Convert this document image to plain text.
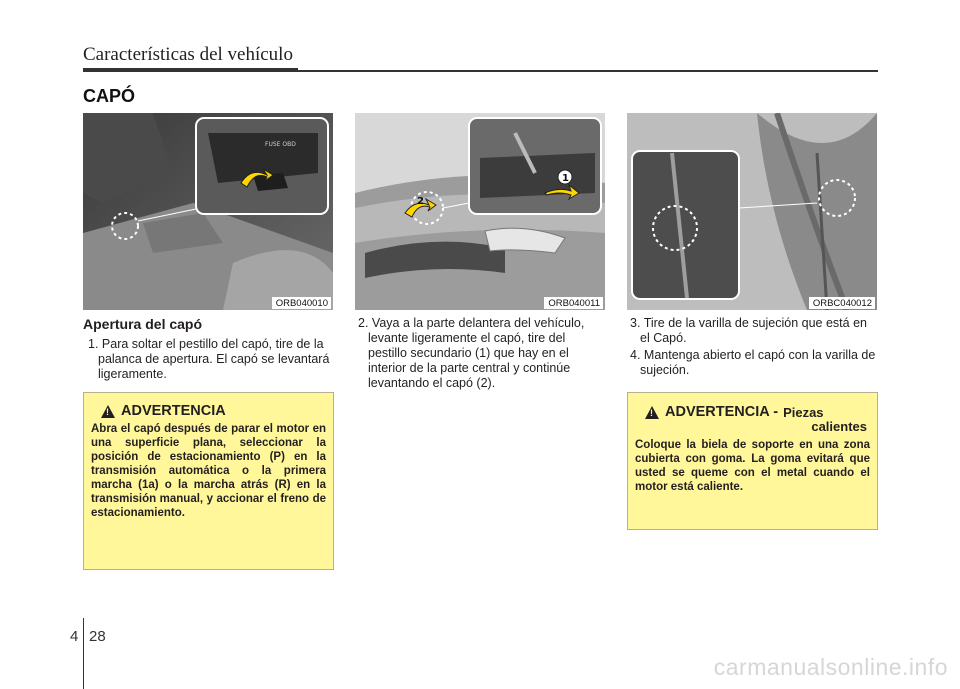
Características del vehículo
CAPÓ
FUSE OBD
ORB040010
2
1
ORB040011	ORBC040012
Apertura del capó
1. Para soltar el pestillo del capó, tire de la palanca de apertura. El capó se levantará ligeramente.
2. Vaya a la parte delantera del vehículo, levante ligeramente el capó, tire del pestillo secundario (1) que hay en el interior de la parte central y continúe levantando el capó (2).
3. Tire de la varilla de sujeción que está en el Capó.
4. Mantenga abierto el capó con la varilla de sujeción.
!
ADVERTENCIA
Abra el capó después de parar el motor en una superficie plana, seleccionar la posición de estacionamiento (P) en la transmisión automática o la primera marcha (1a) o la marcha atrás (R) en la transmisión manual, y accionar el freno de estacionamiento.
!
ADVERTENCIA - Piezas
calientes
Coloque la biela de soporte en una zona cubierta con goma. La goma evitará que usted se queme con el metal cuando el motor está caliente.
4 28
carmanualsonline.info
